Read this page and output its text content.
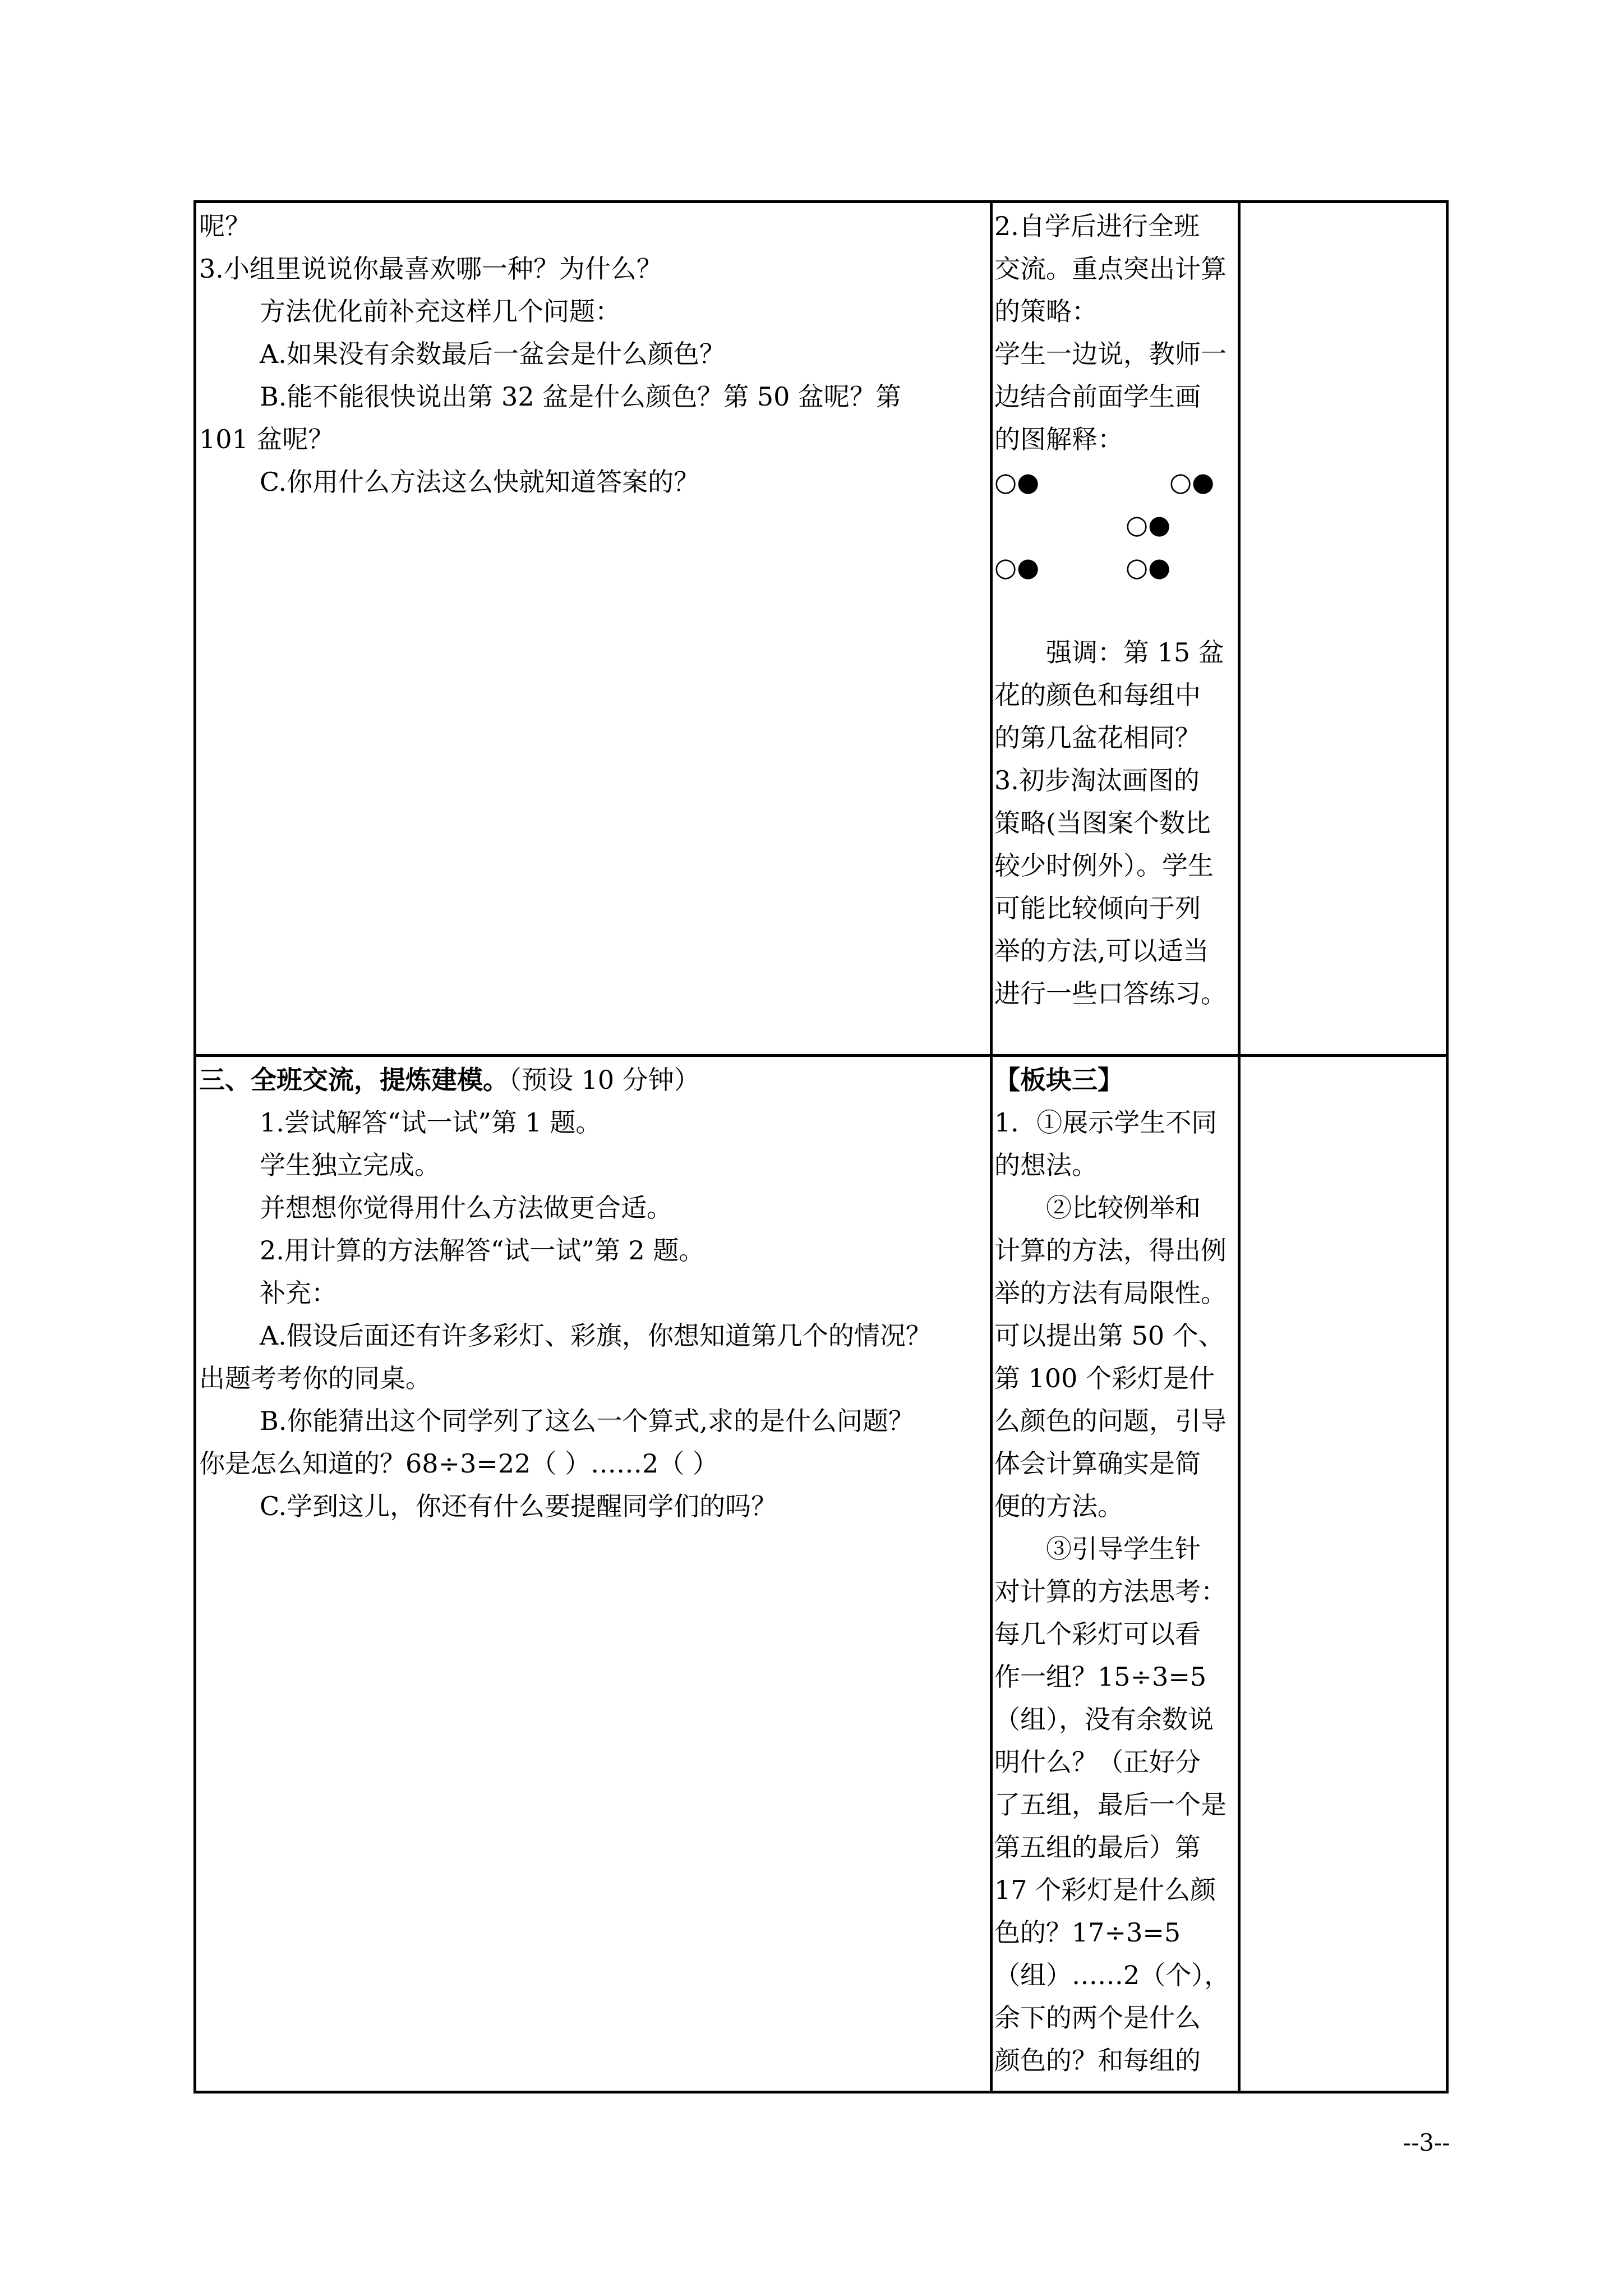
呢？

3.小组里说说你最喜欢哪一种？为什么？

方法优化前补充这样几个问题：

A.如果没有余数最后一盆会是什么颜色？

B.能不能很快说出第 32 盆是什么颜色？第 50 盆呢？第

101 盆呢？

C.你用什么方法这么快就知道答案的？

2.自学后进行全班

交流。重点突出计算

的策略：

学生一边说，教师一

边结合前面学生画

的图解释：

○●	○●
○●
○●	○●

强调：第 15 盆

花的颜色和每组中

的第几盆花相同？

3.初步淘汰画图的

策略(当图案个数比

较少时例外）。学生

可能比较倾向于列

举的方法,可以适当

进行一些口答练习。

三、全班交流，提炼建模。（预设 10 分钟）

1.尝试解答“试一试”第 1 题。

学生独立完成。

并想想你觉得用什么方法做更合适。

2.用计算的方法解答“试一试”第 2 题。

补充：

A.假设后面还有许多彩灯、彩旗，你想知道第几个的情况？

出题考考你的同桌。

B.你能猜出这个同学列了这么一个算式,求的是什么问题？

你是怎么知道的？68÷3=22（ ）……2（ ）

C.学到这儿，你还有什么要提醒同学们的吗？

【板块三】

1．①展示学生不同

的想法。

②比较例举和

计算的方法，得出例

举的方法有局限性。

可以提出第 50 个、

第 100 个彩灯是什

么颜色的问题，引导

体会计算确实是简

便的方法。

③引导学生针

对计算的方法思考：

每几个彩灯可以看

作一组？15÷3=5

（组），没有余数说

明什么？（正好分

了五组，最后一个是

第五组的最后）第

17 个彩灯是什么颜

色的？17÷3=5

（组）……2（个），

余下的两个是什么

颜色的？和每组的

--3--
